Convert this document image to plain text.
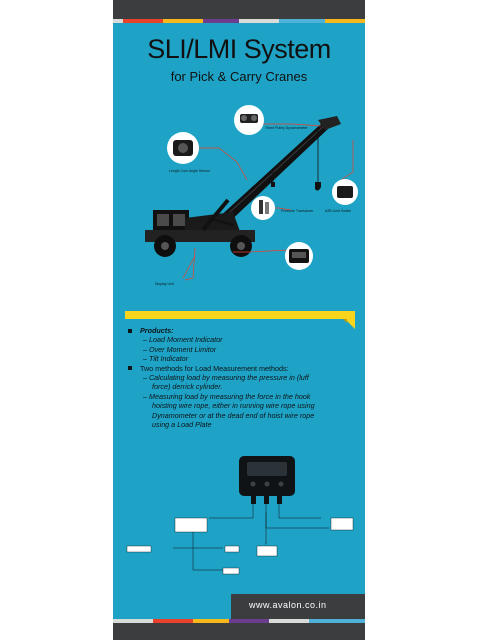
SLI/LMI System
for Pick & Carry Cranes
Three Pulley Dynamometer
Length Cum Angle Sensor
Pressure Transducer	A2B Limit Switch
Display Unit
Products:
– Load Moment Indicator
– Over Moment Limitor
– Tilt Indicator
Two methods for Load Measurement methods:
– Calculating load by measuring the pressure in (luff
force) derrick cylinder.
– Measuring load by measuring the force in the hook
hoisting wire rope, either in running wire rope using
Dynamometer or at the dead end of hoist wire rope
using a Load Plate
www.avalon.co.in
